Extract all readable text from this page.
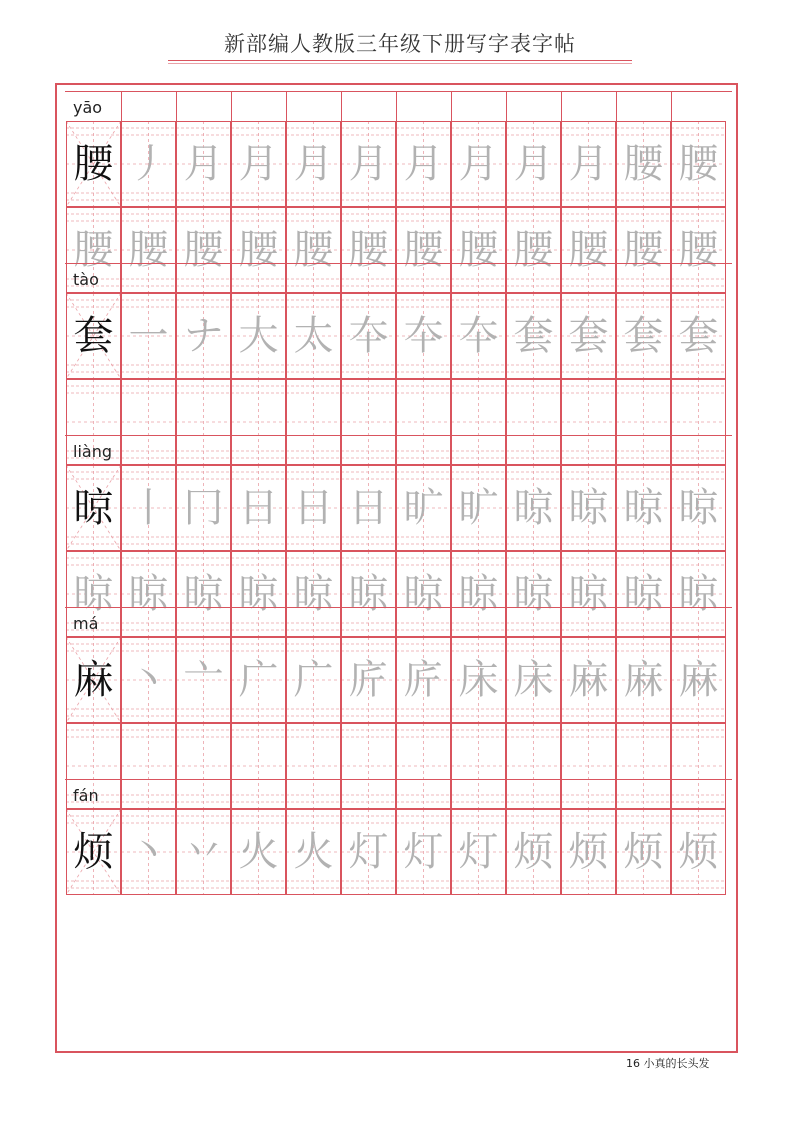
新部编人教版三年级下册写字表字帖
yāo
腰 丿 月 月 月 月 月 月 月 月 腰 腰
腰 腰 腰 腰 腰 腰 腰 腰 腰 腰 腰 腰
tào
套 一 ナ 大 太 夲 夲 夲 套 套 套 套
liàng
晾 丨 冂 日 日 日 旷 旷 晾 晾 晾 晾
晾 晾 晾 晾 晾 晾 晾 晾 晾 晾 晾 晾
má
麻 丶 亠 广 广 庍 庍 床 床 麻 麻 麻
fán
烦 丶 丷 火 火 灯 灯 灯 烦 烦 烦 烦
16 小真的长头发
